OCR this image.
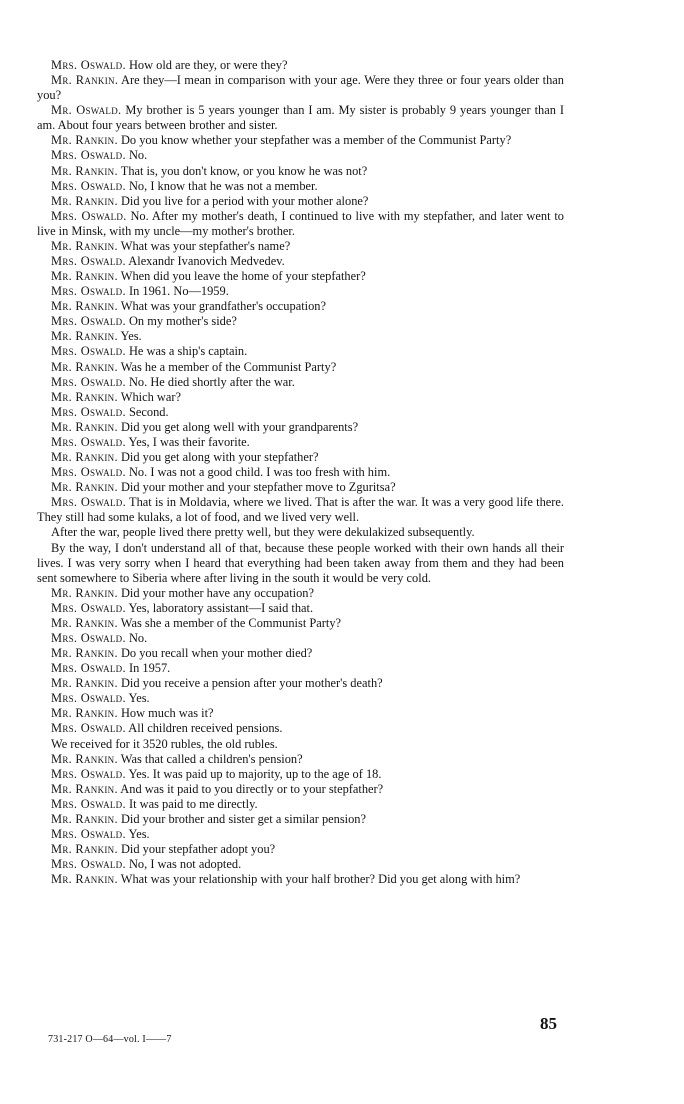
Mrs. Oswald. How old are they, or were they?

Mr. Rankin. Are they—I mean in comparison with your age. Were they three or four years older than you?

Mr. Oswald. My brother is 5 years younger than I am. My sister is probably 9 years younger than I am. About four years between brother and sister.

Mr. Rankin. Do you know whether your stepfather was a member of the Communist Party?

Mrs. Oswald. No.

Mr. Rankin. That is, you don't know, or you know he was not?

Mrs. Oswald. No, I know that he was not a member.

Mr. Rankin. Did you live for a period with your mother alone?

Mrs. Oswald. No. After my mother's death, I continued to live with my stepfather, and later went to live in Minsk, with my uncle—my mother's brother.

Mr. Rankin. What was your stepfather's name?

Mrs. Oswald. Alexandr Ivanovich Medvedev.

Mr. Rankin. When did you leave the home of your stepfather?

Mrs. Oswald. In 1961. No—1959.

Mr. Rankin. What was your grandfather's occupation?

Mrs. Oswald. On my mother's side?

Mr. Rankin. Yes.

Mrs. Oswald. He was a ship's captain.

Mr. Rankin. Was he a member of the Communist Party?

Mrs. Oswald. No. He died shortly after the war.

Mr. Rankin. Which war?

Mrs. Oswald. Second.

Mr. Rankin. Did you get along well with your grandparents?

Mrs. Oswald. Yes, I was their favorite.

Mr. Rankin. Did you get along with your stepfather?

Mrs. Oswald. No. I was not a good child. I was too fresh with him.

Mr. Rankin. Did your mother and your stepfather move to Zguritsa?

Mrs. Oswald. That is in Moldavia, where we lived. That is after the war. It was a very good life there. They still had some kulaks, a lot of food, and we lived very well.

After the war, people lived there pretty well, but they were dekulakized subsequently.

By the way, I don't understand all of that, because these people worked with their own hands all their lives. I was very sorry when I heard that everything had been taken away from them and they had been sent somewhere to Siberia where after living in the south it would be very cold.

Mr. Rankin. Did your mother have any occupation?

Mrs. Oswald. Yes, laboratory assistant—I said that.

Mr. Rankin. Was she a member of the Communist Party?

Mrs. Oswald. No.

Mr. Rankin. Do you recall when your mother died?

Mrs. Oswald. In 1957.

Mr. Rankin. Did you receive a pension after your mother's death?

Mrs. Oswald. Yes.

Mr. Rankin. How much was it?

Mrs. Oswald. All children received pensions.

We received for it 3520 rubles, the old rubles.

Mr. Rankin. Was that called a children's pension?

Mrs. Oswald. Yes. It was paid up to majority, up to the age of 18.

Mr. Rankin. And was it paid to you directly or to your stepfather?

Mrs. Oswald. It was paid to me directly.

Mr. Rankin. Did your brother and sister get a similar pension?

Mrs. Oswald. Yes.

Mr. Rankin. Did your stepfather adopt you?

Mrs. Oswald. No, I was not adopted.

Mr. Rankin. What was your relationship with your half brother? Did you get along with him?

85
731-217 O—64—vol. I——7
